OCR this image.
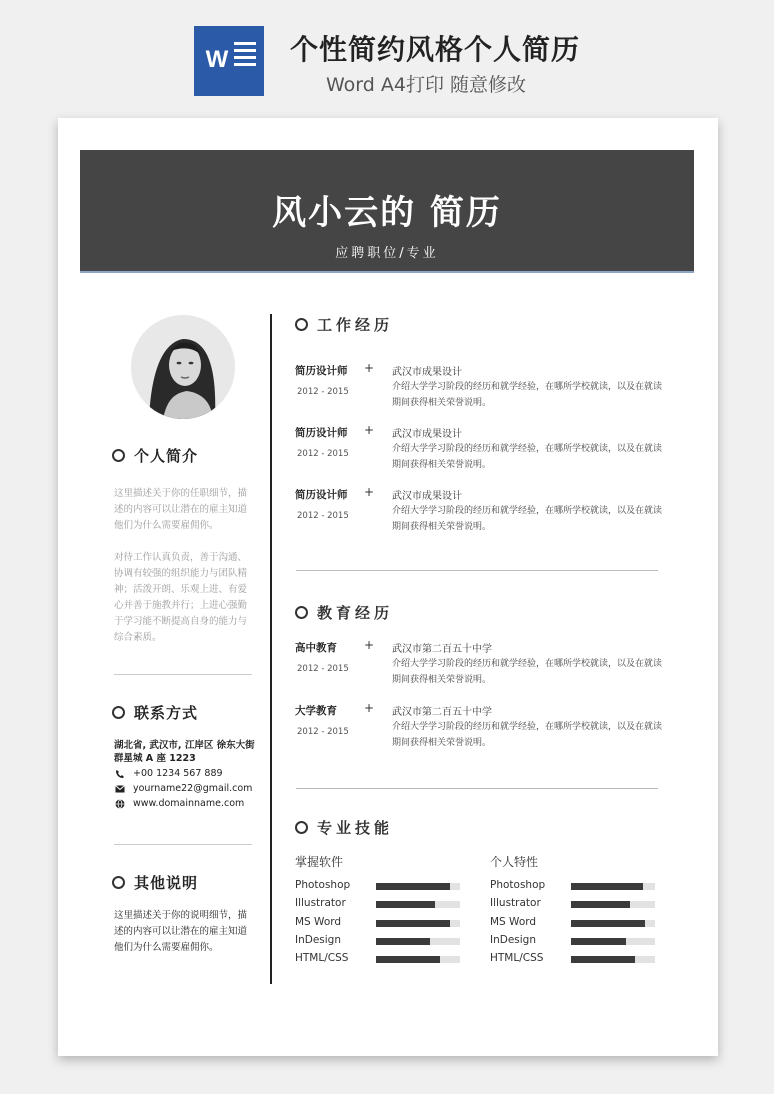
W 个性简约风格个人简历
Word A4打印 随意修改
风小云的 简历
应聘职位/专业
个人简介
这里描述关于你的任职细节，描述的内容可以让潜在的雇主知道他们为什么需要雇佣你。
对待工作认真负责，善于沟通、协调有较强的组织能力与团队精神；活泼开朗、乐观上进、有爱心并善于施教并行；上进心强勤于学习能不断提高自身的能力与综合素质。
联系方式
湖北省, 武汉市, 江岸区 徐东大街群星城 A 座 1223
+00 1234 567 889
yourname22@gmail.com
www.domainname.com
其他说明
这里描述关于你的说明细节，描述的内容可以让潜在的雇主知道他们为什么需要雇佣你。
工作经历
简历设计师 +
2012 - 2015
武汉市成果设计
介绍大学学习阶段的经历和就学经验，在哪所学校就读，以及在就读期间获得相关荣誉说明。
简历设计师 +
2012 - 2015
武汉市成果设计
介绍大学学习阶段的经历和就学经验，在哪所学校就读，以及在就读期间获得相关荣誉说明。
简历设计师 +
2012 - 2015
武汉市成果设计
介绍大学学习阶段的经历和就学经验，在哪所学校就读，以及在就读期间获得相关荣誉说明。
教育经历
高中教育 +
2012 - 2015
武汉市第二百五十中学
介绍大学学习阶段的经历和就学经验，在哪所学校就读，以及在就读期间获得相关荣誉说明。
大学教育 +
2012 - 2015
武汉市第二百五十中学
介绍大学学习阶段的经历和就学经验，在哪所学校就读，以及在就读期间获得相关荣誉说明。
专业技能
掌握软件	个人特性
Photoshop
Illustrator
MS Word
InDesign
HTML/CSS
Photoshop
Illustrator
MS Word
InDesign
HTML/CSS
